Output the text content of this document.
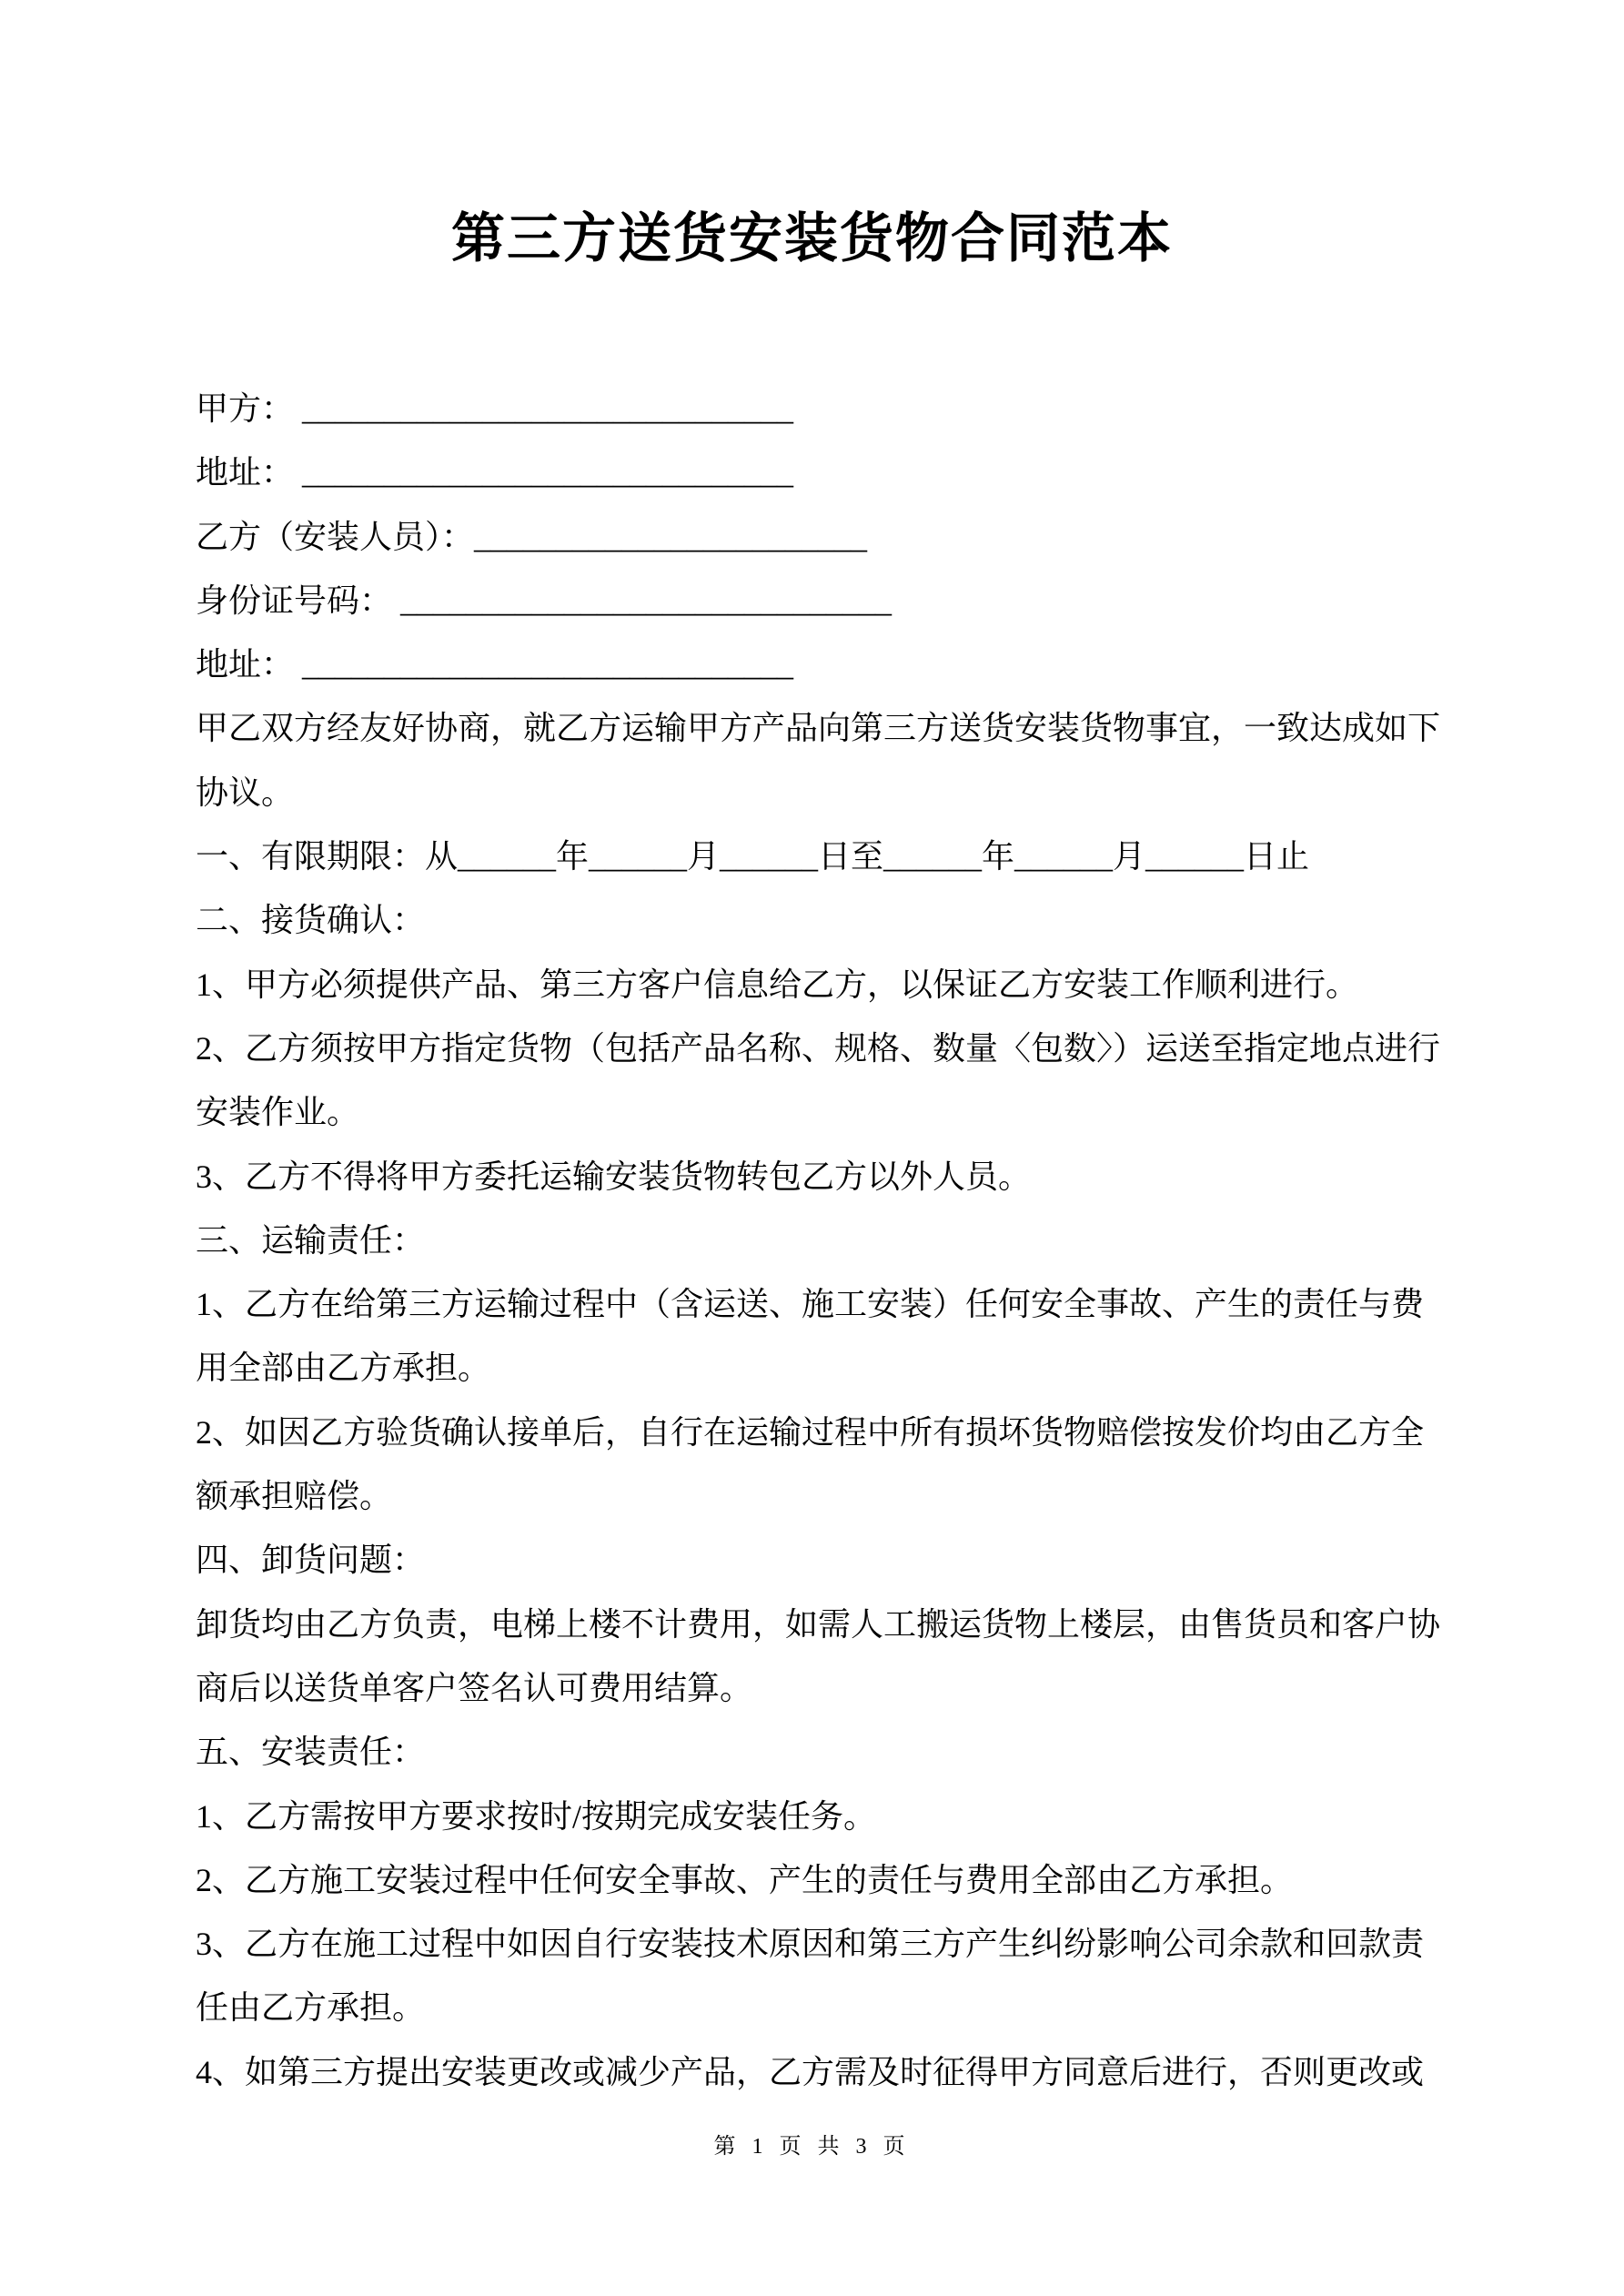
第三方送货安装货物合同范本
甲方： ______________________________
地址： ______________________________
乙方（安装人员）：________________________
身份证号码： ______________________________
地址： ______________________________
甲乙双方经友好协商，就乙方运输甲方产品向第三方送货安装货物事宜，一致达成如下
协议。
一、有限期限：从______年______月______日至______年______月______日止
二、接货确认：
1、甲方必须提供产品、第三方客户信息给乙方，以保证乙方安装工作顺利进行。
2、乙方须按甲方指定货物（包括产品名称、规格、数量〈包数〉）运送至指定地点进行
安装作业。
3、乙方不得将甲方委托运输安装货物转包乙方以外人员。
三、运输责任：
1、乙方在给第三方运输过程中（含运送、施工安装）任何安全事故、产生的责任与费
用全部由乙方承担。
2、如因乙方验货确认接单后，自行在运输过程中所有损坏货物赔偿按发价均由乙方全
额承担赔偿。
四、卸货问题：
卸货均由乙方负责，电梯上楼不计费用，如需人工搬运货物上楼层，由售货员和客户协
商后以送货单客户签名认可费用结算。
五、安装责任：
1、乙方需按甲方要求按时/按期完成安装任务。
2、乙方施工安装过程中任何安全事故、产生的责任与费用全部由乙方承担。
3、乙方在施工过程中如因自行安装技术原因和第三方产生纠纷影响公司余款和回款责
任由乙方承担。
4、如第三方提出安装更改或减少产品，乙方需及时征得甲方同意后进行，否则更改或
第 1 页 共 3 页
